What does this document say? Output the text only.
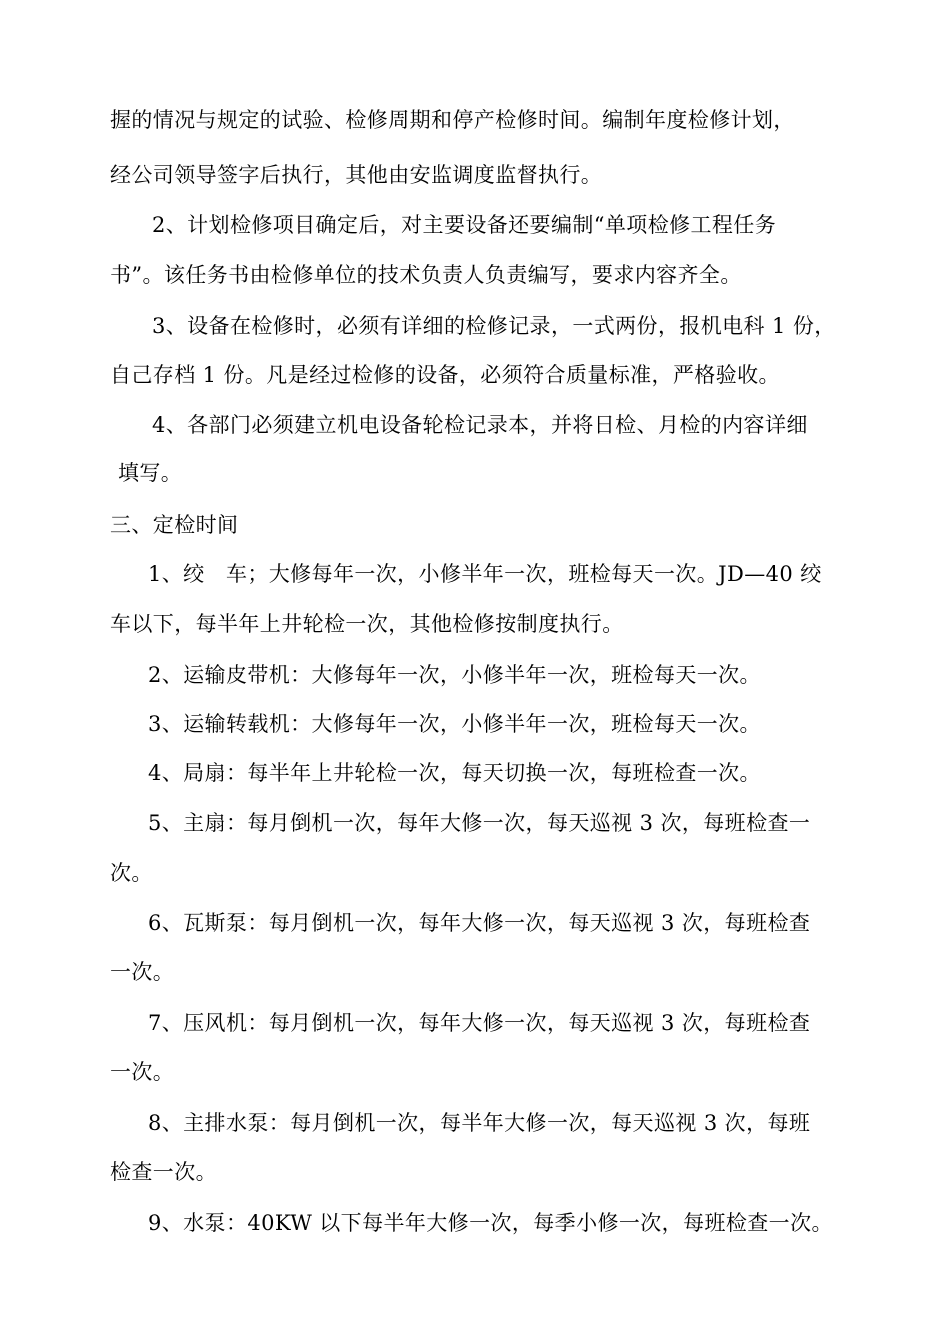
握的情况与规定的试验、检修周期和停产检修时间。编制年度检修计划，
经公司领导签字后执行，其他由安监调度监督执行。
2、计划检修项目确定后，对主要设备还要编制“单项检修工程任务
书”。该任务书由检修单位的技术负责人负责编写，要求内容齐全。
3、设备在检修时，必须有详细的检修记录，一式两份，报机电科 1 份，
自己存档 1 份。凡是经过检修的设备，必须符合质量标准，严格验收。
4、各部门必须建立机电设备轮检记录本，并将日检、月检的内容详细
填写。
三、定检时间
1、绞　车；大修每年一次，小修半年一次，班检每天一次。JD—40 绞
车以下，每半年上井轮检一次，其他检修按制度执行。
2、运输皮带机：大修每年一次，小修半年一次，班检每天一次。
3、运输转载机：大修每年一次，小修半年一次，班检每天一次。
4、局扇：每半年上井轮检一次，每天切换一次，每班检查一次。
5、主扇：每月倒机一次，每年大修一次，每天巡视 3 次，每班检查一
次。
6、瓦斯泵：每月倒机一次，每年大修一次，每天巡视 3 次，每班检查
一次。
7、压风机：每月倒机一次，每年大修一次，每天巡视 3 次，每班检查
一次。
8、主排水泵：每月倒机一次，每半年大修一次，每天巡视 3 次，每班
检查一次。
9、水泵：40KW 以下每半年大修一次，每季小修一次，每班检查一次。
